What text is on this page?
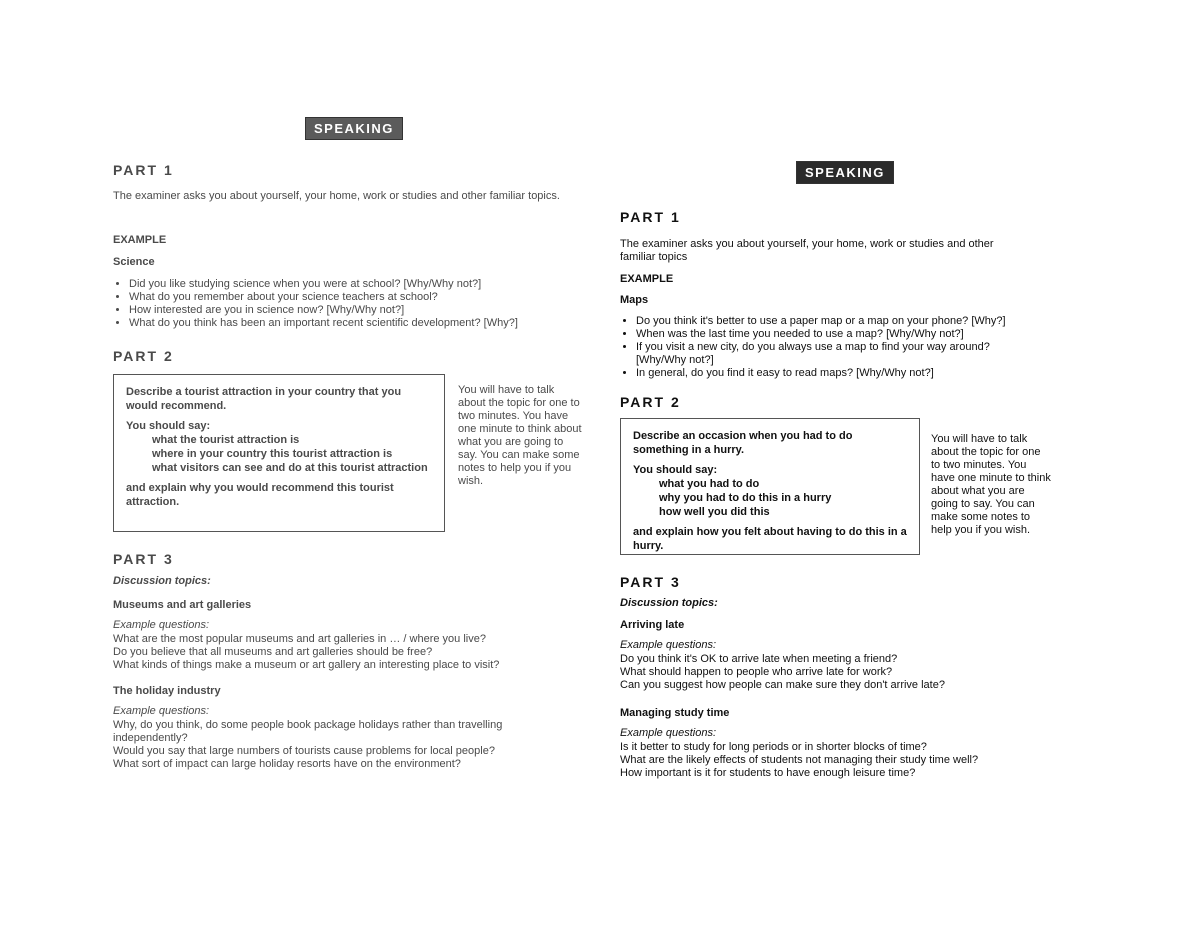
SPEAKING
PART 1

The examiner asks you about yourself, your home, work or studies and other familiar topics.

EXAMPLE

Science

• Did you like studying science when you were at school? [Why/Why not?]
• What do you remember about your science teachers at school?
• How interested are you in science now? [Why/Why not?]
• What do you think has been an important recent scientific development? [Why?]
PART 2

Describe a tourist attraction in your country that you would recommend.

You should say:

what the tourist attraction is

where in your country this tourist attraction is

what visitors can see and do at this tourist attraction

and explain why you would recommend this tourist attraction.

You will have to talk about the topic for one to two minutes. You have one minute to think about what you are going to say. You can make some notes to help you if you wish.

PART 3

Discussion topics:

Museums and art galleries

Example questions:

What are the most popular museums and art galleries in … / where you live?
Do you believe that all museums and art galleries should be free?
What kinds of things make a museum or art gallery an interesting place to visit?

The holiday industry

Example questions:

Why, do you think, do some people book package holidays rather than travelling independently?
Would you say that large numbers of tourists cause problems for local people?
What sort of impact can large holiday resorts have on the environment?
SPEAKING
PART 1

The examiner asks you about yourself, your home, work or studies and other familiar topics

EXAMPLE

Maps

• Do you think it's better to use a paper map or a map on your phone? [Why?]
• When was the last time you needed to use a map? [Why/Why not?]
• If you visit a new city, do you always use a map to find your way around? [Why/Why not?]
• In general, do you find it easy to read maps? [Why/Why not?]
PART 2

Describe an occasion when you had to do something in a hurry.

You should say:

what you had to do

why you had to do this in a hurry

how well you did this

and explain how you felt about having to do this in a hurry.

You will have to talk about the topic for one to two minutes. You have one minute to think about what you are going to say. You can make some notes to help you if you wish.

PART 3

Discussion topics:

Arriving late

Example questions:

Do you think it's OK to arrive late when meeting a friend?
What should happen to people who arrive late for work?
Can you suggest how people can make sure they don't arrive late?

Managing study time

Example questions:

Is it better to study for long periods or in shorter blocks of time?
What are the likely effects of students not managing their study time well?
How important is it for students to have enough leisure time?
